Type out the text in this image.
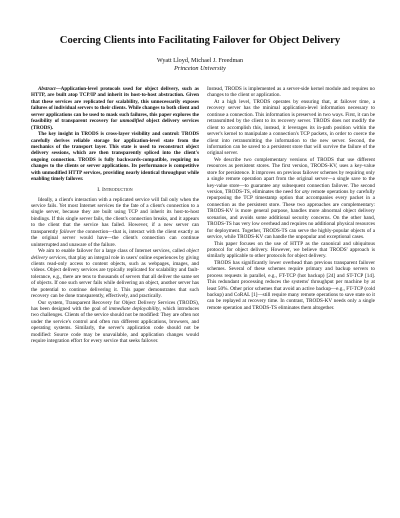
Coercing Clients into Facilitating Failover for Object Delivery
Wyatt Lloyd, Michael J. Freedman
Princeton University

Abstract—Application-level protocols used for object delivery, such as HTTP, are built atop TCP/IP and inherit its host-to-host abstraction. Given that these services are replicated for scalability, this unnecessarily exposes failures of individual servers to their clients. While changes to both client and server applications can be used to mask such failures, this paper explores the feasibility of transparent recovery for unmodified object delivery services (TRODS).

The key insight in TRODS is cross-layer visibility and control: TRODS carefully derives reliable storage for application-level state from the mechanics of the transport layer. This state is used to reconstruct object delivery sessions, which are then transparently spliced into the client's ongoing connection. TRODS is fully backwards-compatible, requiring no changes to the clients or server applications. Its performance is competitive with unmodified HTTP services, providing nearly identical throughput while enabling timely failover.

I. Introduction

Ideally, a client's interaction with a replicated service will fail only when the service fails. Yet most Internet services tie the fate of a client's connection to a single server, because they are built using TCP and inherit its host-to-host bindings. If this single server fails, the client's connection breaks, and it appears to the client that the service has failed. However, if a new server can transparently failover the connection—that is, interact with the client exactly as the original server would have—the client's connection can continue uninterrupted and unaware of the failure.

We aim to enable failover for a large class of Internet services, called object delivery services, that play an integral role in users' online experiences by giving clients read-only access to content objects, such as webpages, images, and videos. Object delivery services are typically replicated for scalability and fault-tolerance, e.g., there are tens to thousands of servers that all deliver the same set of objects. If one such server fails while delivering an object, another server has the potential to continue delivering it. This paper demonstrates that such recovery can be done transparently, effectively, and practically.

Our system, Transparent Recovery for Object Delivery Services (TRODS), has been designed with the goal of immediate deployability, which introduces two challenges. Clients of the service should not be modified: They are often not under the service's control and often run different applications, browsers, and operating systems. Similarly, the server's application code should not be modified: Source code may be unavailable, and application changes would require integration effort for every service that seeks failover.

Instead, TRODS is implemented as a server-side kernel module and requires no changes to the client or application.

At a high level, TRODS operates by ensuring that, at failover time, a recovery server has the minimal application-level information necessary to continue a connection. This information is preserved in two ways. First, it can be retransmitted by the client to its recovery server. TRODS does not modify the client to accomplish this, instead, it leverages its in-path position within the server's kernel to manipulate a connection's TCP packets, in order to coerce the client into retransmitting the information to the new server. Second, the information can be saved to a persistent store that will survive the failure of the original server.

We describe two complementary versions of TRODS that use different resources as persistent stores. The first version, TRODS-KV, uses a key-value store for persistence. It improves on previous failover schemes by requiring only a single remote operation apart from the original server—a single save to the key-value store—to guarantee any subsequent connection failover. The second version, TRODS-TS, eliminates the need for any remote operations by carefully repurposing the TCP timestamp option that accompanies every packet in a connection as the persistent store. These two approaches are complementary: TRODS-KV is more general purpose, handles more abnormal object delivery scenarios, and avoids some additional security concerns. On the other hand, TRODS-TS has very low overhead and requires no additional physical resources for deployment. Together, TRODS-TS can serve the highly-popular objects of a service, while TRODS-KV can handle the unpopular and exceptional cases.

This paper focuses on the use of HTTP as the canonical and ubiquitous protocol for object delivery. However, we believe that TRODS' approach is similarly applicable to other protocols for object delivery.

TRODS has significantly lower overhead than previous transparent failover schemes. Several of these schemes require primary and backup servers to process requests in parallel, e.g., FT-TCP (hot backup) [24] and ST-TCP [14]. This redundant processing reduces the systems' throughput per machine by at least 50%. Other prior schemes that avoid an active backup—e.g., FT-TCP (cold backup) and CoRAL [1]—still require many remote operations to save state so it can be replayed at recovery time. In contrast, TRODS-KV needs only a single remote operation and TRODS-TS eliminates them altogether.
